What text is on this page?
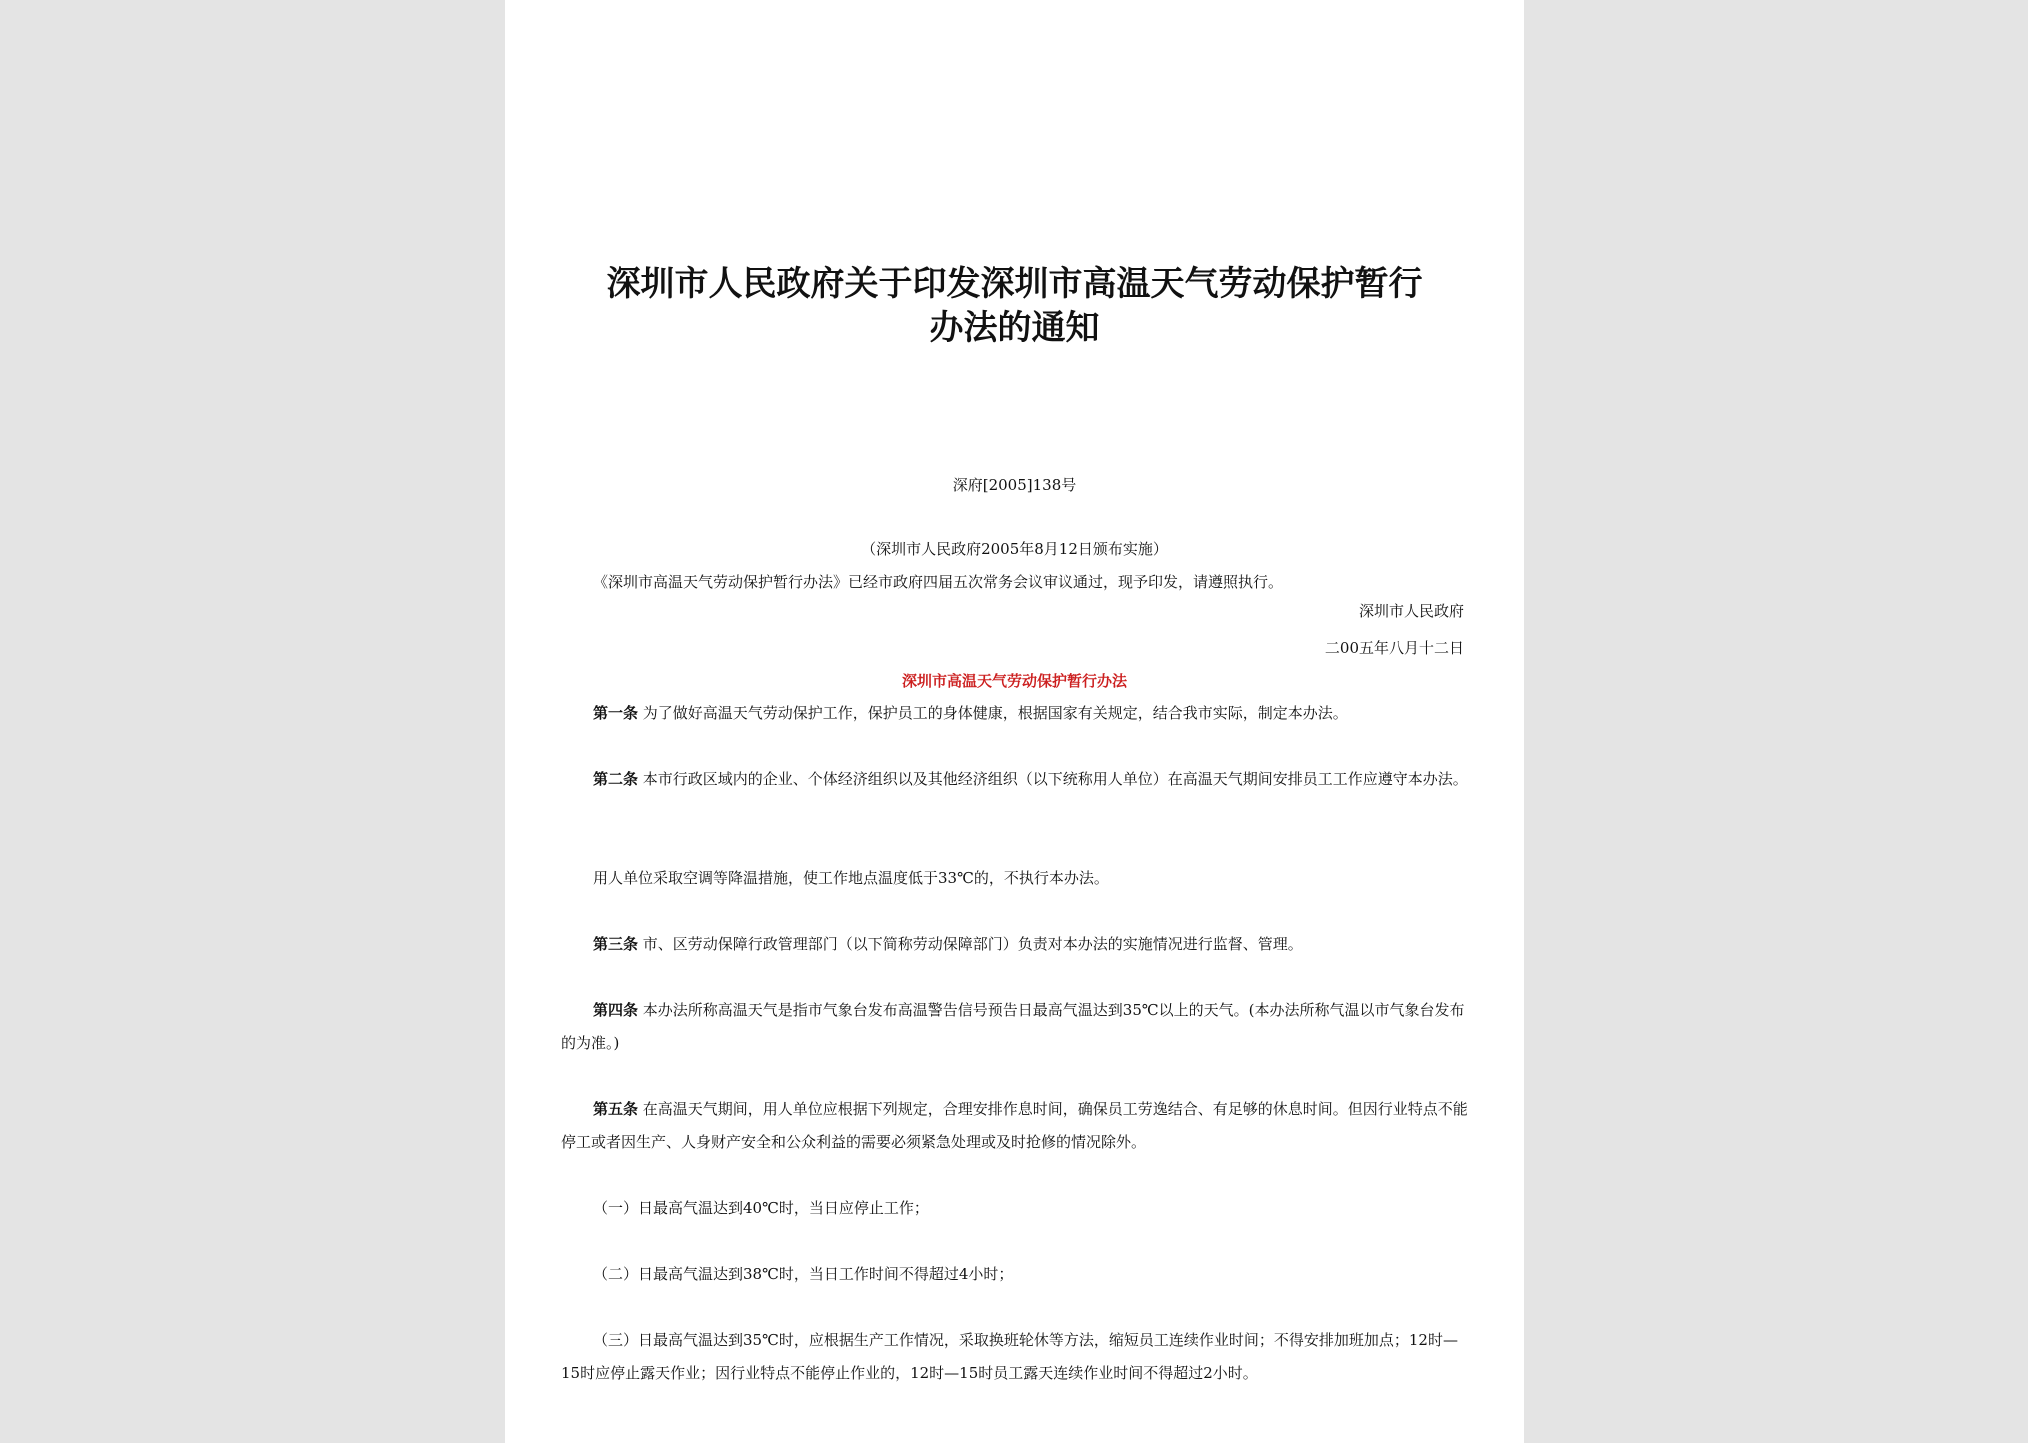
深圳市人民政府关于印发深圳市高温天气劳动保护暂行
办法的通知
深府[2005]138号
（深圳市人民政府2005年8月12日颁布实施）
《深圳市高温天气劳动保护暂行办法》已经市政府四届五次常务会议审议通过，现予印发，请遵照执行。
深圳市人民政府
二00五年八月十二日
深圳市高温天气劳动保护暂行办法
第一条 为了做好高温天气劳动保护工作，保护员工的身体健康，根据国家有关规定，结合我市实际，制定本办法。
第二条 本市行政区域内的企业、个体经济组织以及其他经济组织（以下统称用人单位）在高温天气期间安排员工工作应遵守本办法。
用人单位采取空调等降温措施，使工作地点温度低于33℃的，不执行本办法。
第三条 市、区劳动保障行政管理部门（以下简称劳动保障部门）负责对本办法的实施情况进行监督、管理。
第四条 本办法所称高温天气是指市气象台发布高温警告信号预告日最高气温达到35℃以上的天气。(本办法所称气温以市气象台发布的为准。)
第五条 在高温天气期间，用人单位应根据下列规定，合理安排作息时间，确保员工劳逸结合、有足够的休息时间。但因行业特点不能停工或者因生产、人身财产安全和公众利益的需要必须紧急处理或及时抢修的情况除外。
（一）日最高气温达到40℃时，当日应停止工作；
（二）日最高气温达到38℃时，当日工作时间不得超过4小时；
（三）日最高气温达到35℃时，应根据生产工作情况，采取换班轮休等方法，缩短员工连续作业时间；不得安排加班加点；12时—15时应停止露天作业；因行业特点不能停止作业的，12时—15时员工露天连续作业时间不得超过2小时。
